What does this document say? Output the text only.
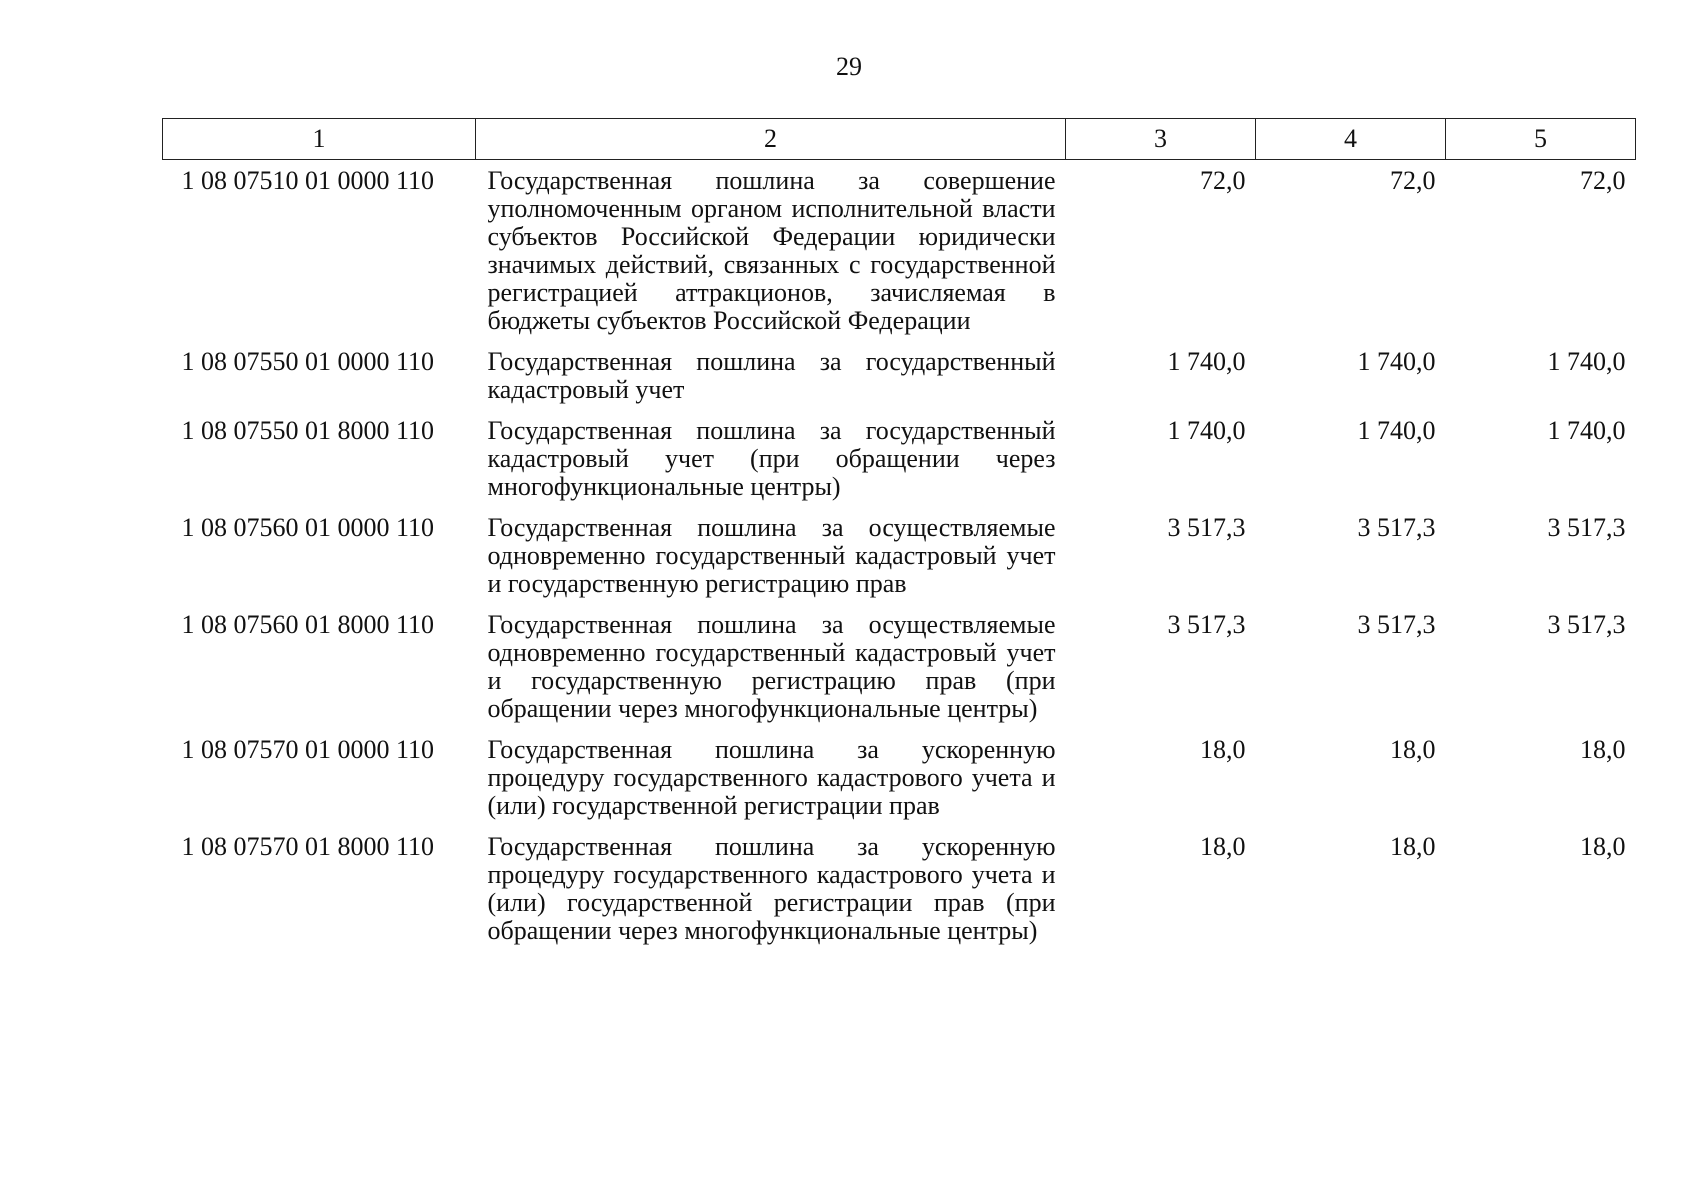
29
1	2	3	4	5
1 08 07510 01 0000 110	Государственная пошлина за совершение уполномоченным органом исполнительной власти субъектов Российской Федерации юридически значимых действий, связанных с государственной регистрацией аттракционов, зачисляемая в бюджеты субъектов Российской Федерации	72,0	72,0	72,0
1 08 07550 01 0000 110	Государственная пошлина за государственный кадастровый учет	1 740,0	1 740,0	1 740,0
1 08 07550 01 8000 110	Государственная пошлина за государственный кадастровый учет (при обращении через многофункциональные центры)	1 740,0	1 740,0	1 740,0
1 08 07560 01 0000 110	Государственная пошлина за осуществляемые одновременно государственный кадастровый учет и государственную регистрацию прав	3 517,3	3 517,3	3 517,3
1 08 07560 01 8000 110	Государственная пошлина за осуществляемые одновременно государственный кадастровый учет и государственную регистрацию прав (при обращении через многофункциональные центры)	3 517,3	3 517,3	3 517,3
1 08 07570 01 0000 110	Государственная пошлина за ускоренную процедуру государственного кадастрового учета и (или) государственной регистрации прав	18,0	18,0	18,0
1 08 07570 01 8000 110	Государственная пошлина за ускоренную процедуру государственного кадастрового учета и (или) государственной регистрации прав (при обращении через многофункциональные центры)	18,0	18,0	18,0
